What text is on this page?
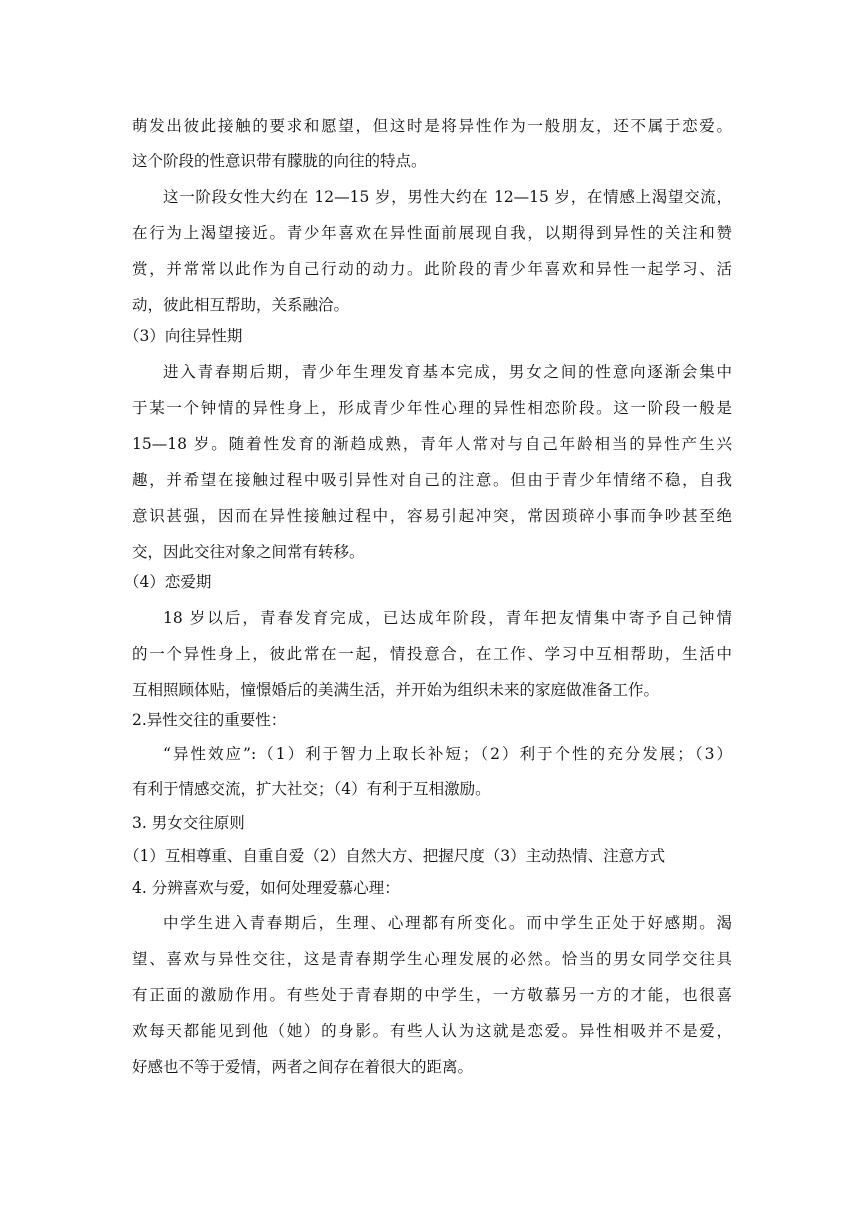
萌发出彼此接触的要求和愿望，但这时是将异性作为一般朋友，还不属于恋爱。
这个阶段的性意识带有朦胧的向往的特点。
这一阶段女性大约在 12—15 岁，男性大约在 12—15 岁，在情感上渴望交流，
在行为上渴望接近。青少年喜欢在异性面前展现自我，以期得到异性的关注和赞
赏，并常常以此作为自己行动的动力。此阶段的青少年喜欢和异性一起学习、活
动，彼此相互帮助，关系融洽。
（3）向往异性期
进入青春期后期，青少年生理发育基本完成，男女之间的性意向逐渐会集中
于某一个钟情的异性身上，形成青少年性心理的异性相恋阶段。这一阶段一般是
15—18 岁。随着性发育的渐趋成熟，青年人常对与自己年龄相当的异性产生兴
趣，并希望在接触过程中吸引异性对自己的注意。但由于青少年情绪不稳，自我
意识甚强，因而在异性接触过程中，容易引起冲突，常因琐碎小事而争吵甚至绝
交，因此交往对象之间常有转移。
（4）恋爱期
18 岁以后，青春发育完成，已达成年阶段，青年把友情集中寄予自己钟情
的一个异性身上，彼此常在一起，情投意合，在工作、学习中互相帮助，生活中
互相照顾体贴，憧憬婚后的美满生活，并开始为组织未来的家庭做准备工作。
2.异性交往的重要性：
“异性效应”:（1）利于智力上取长补短；（2）利于个性的充分发展；（3）
有利于情感交流，扩大社交；（4）有利于互相激励。
3. 男女交往原则
（1）互相尊重、自重自爱（2）自然大方、把握尺度（3）主动热情、注意方式
4. 分辨喜欢与爱，如何处理爱慕心理：
中学生进入青春期后，生理、心理都有所变化。而中学生正处于好感期。渴
望、喜欢与异性交往，这是青春期学生心理发展的必然。恰当的男女同学交往具
有正面的激励作用。有些处于青春期的中学生，一方敬慕另一方的才能，也很喜
欢每天都能见到他（她）的身影。有些人认为这就是恋爱。异性相吸并不是爱，
好感也不等于爱情，两者之间存在着很大的距离。
